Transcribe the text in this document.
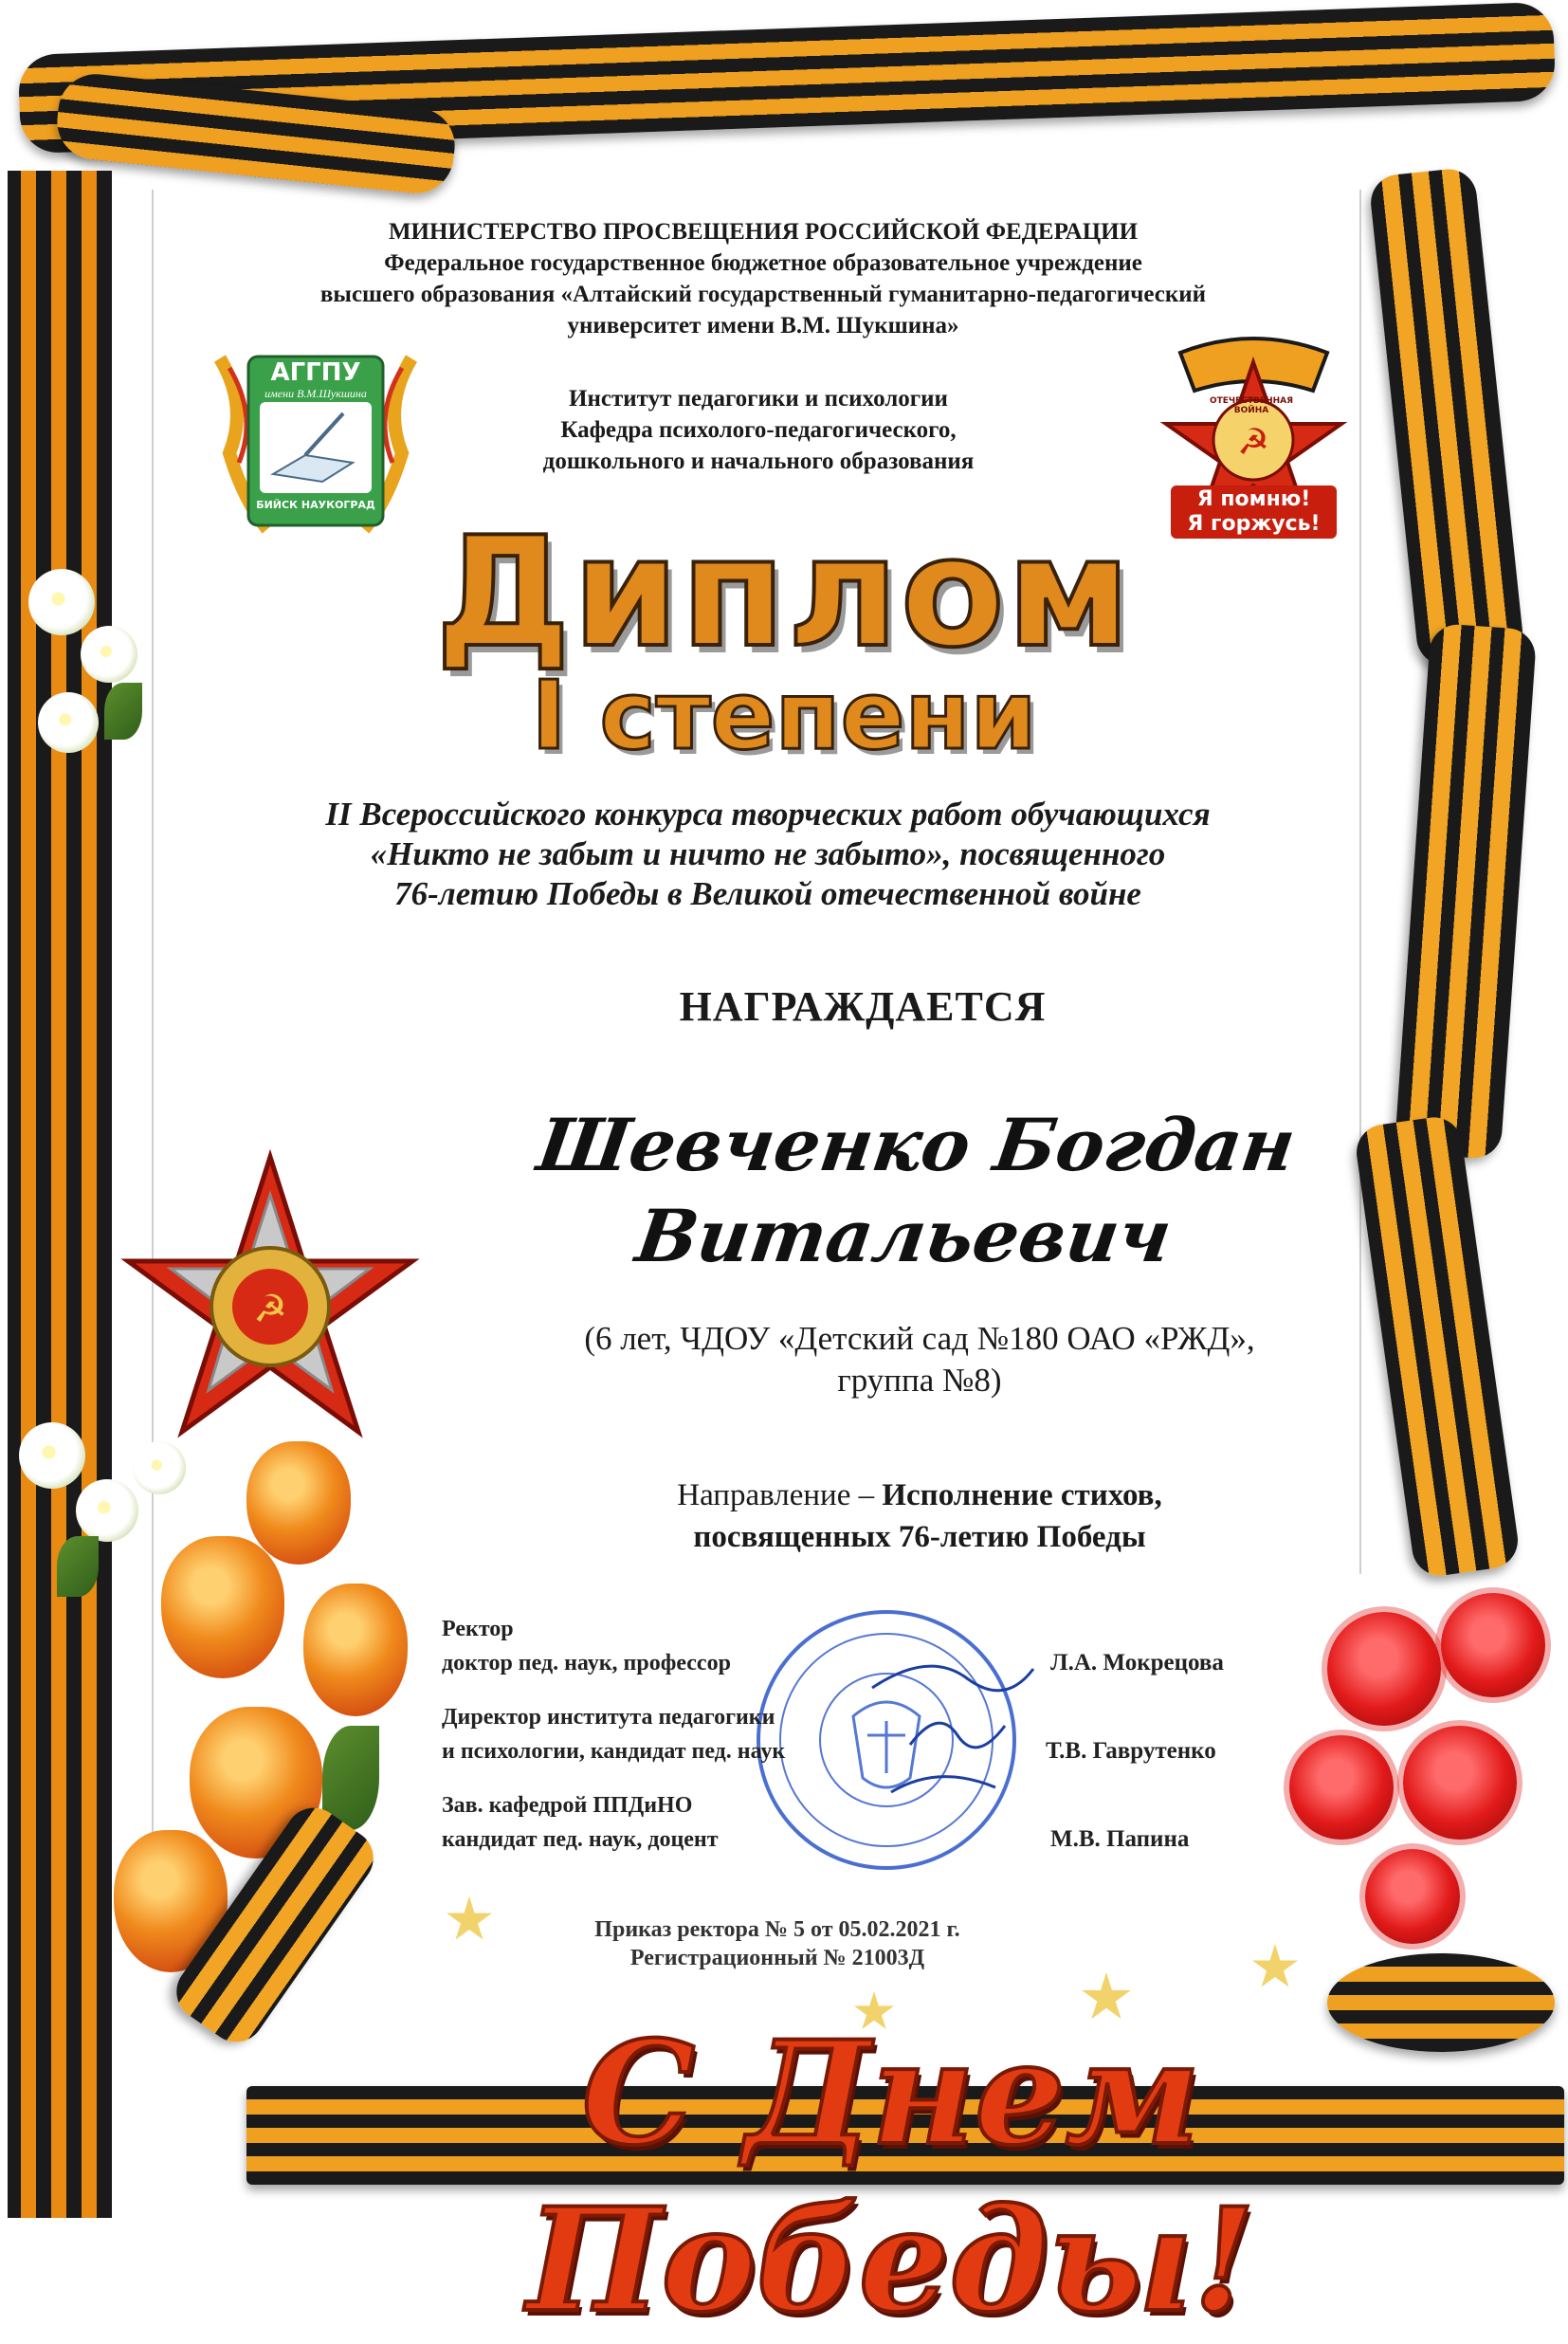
☭
АГГПУ
имени В.М.Шукшина
БИЙСК НАУКОГРАД
☭
ОТЕЧЕСТВЕННАЯ ВОЙНА
Я помню!
Я горжусь!
МИНИСТЕРСТВО ПРОСВЕЩЕНИЯ РОССИЙСКОЙ ФЕДЕРАЦИИ
Федеральное государственное бюджетное образовательное учреждение
высшего образования «Алтайский государственный гуманитарно-педагогический
университет имени В.М. Шукшина»
Институт педагогики и психологии
Кафедра психолого-педагогического,
дошкольного и начального образования
Диплом
I степени
II Всероссийского конкурса творческих работ обучающихся
«Никто не забыт и ничто не забыто», посвященного
76-летию Победы в Великой отечественной войне
НАГРАЖДАЕТСЯ
Шевченко Богдан
Витальевич
(6 лет, ЧДОУ «Детский сад №180 ОАО «РЖД»,
группа №8)
Направление – Исполнение стихов,
посвященных 76-летию Победы
Ректор
доктор пед. наук, профессор	Л.А. Мокрецова
Директор института педагогики
и психологии, кандидат пед. наук	Т.В. Гаврутенко
Зав. кафедрой ППДиНО
кандидат пед. наук, доцент	М.В. Папина
Приказ ректора № 5 от 05.02.2021 г.
Регистрационный № 21003Д
С Днем Победы!
